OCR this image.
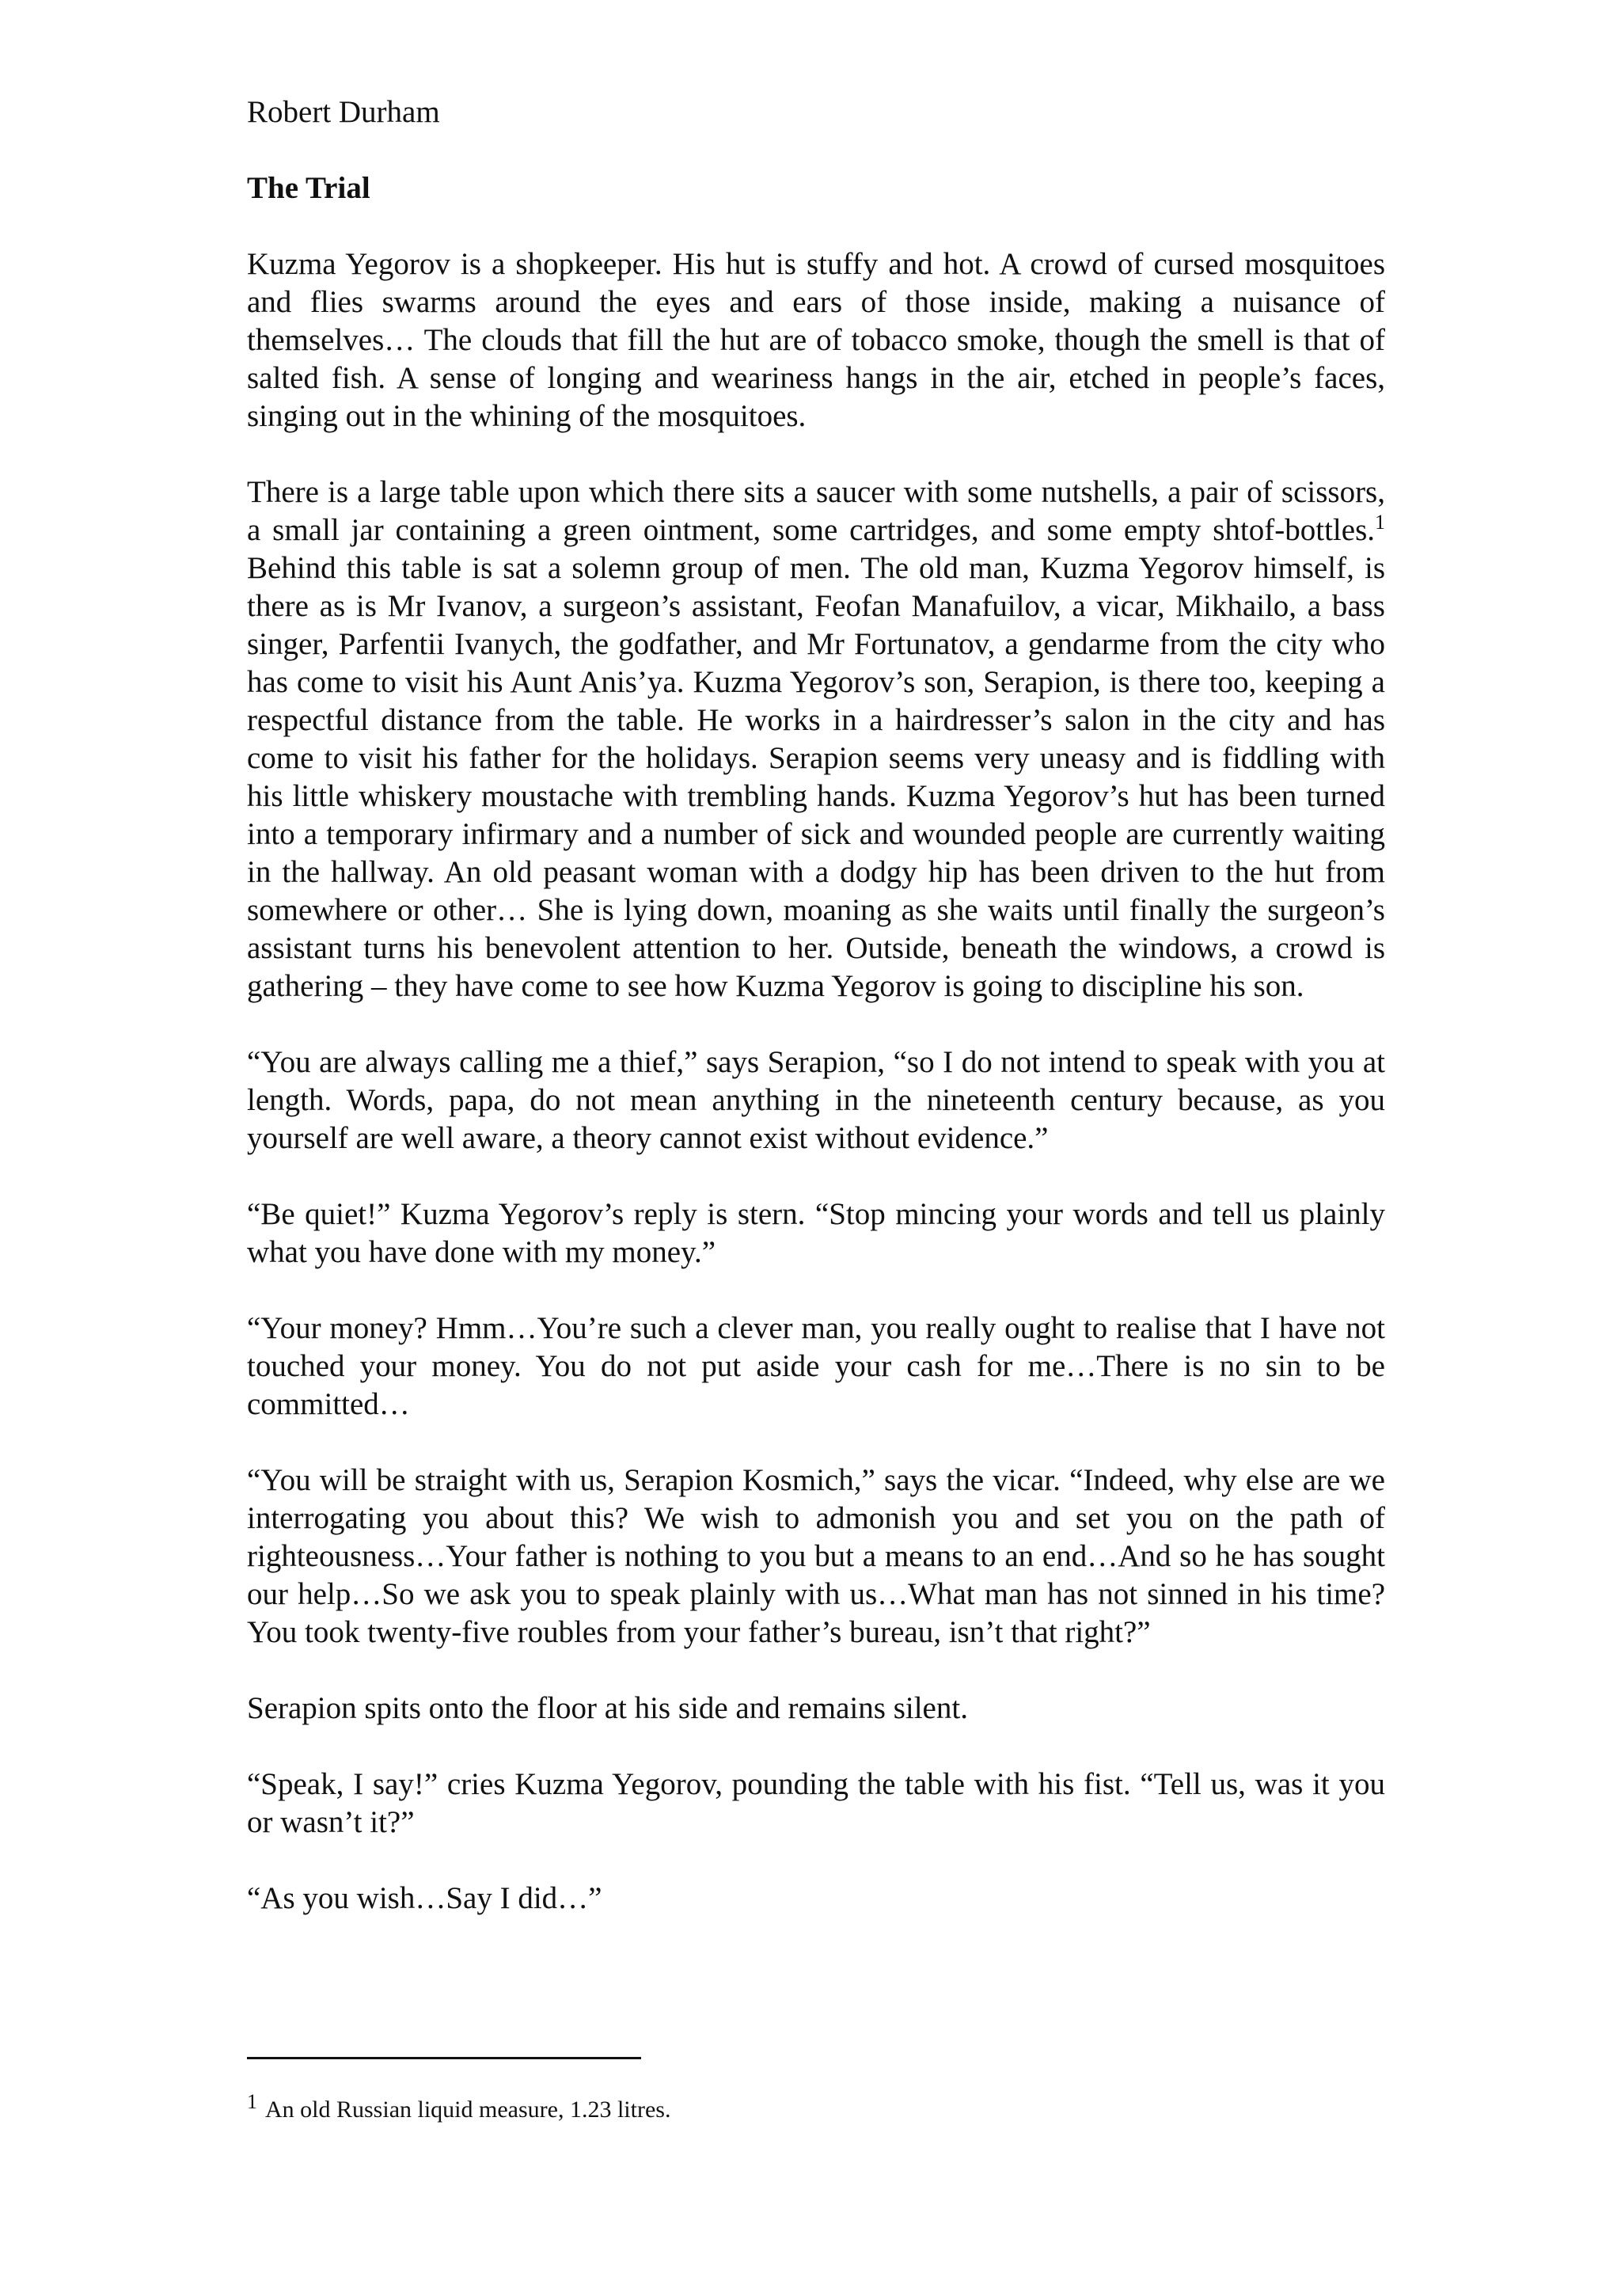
Robert Durham
The Trial

Kuzma Yegorov is a shopkeeper. His hut is stuffy and hot. A crowd of cursed mosquitoes and flies swarms around the eyes and ears of those inside, making a nuisance of themselves… The clouds that fill the hut are of tobacco smoke, though the smell is that of salted fish. A sense of longing and weariness hangs in the air, etched in people’s faces, singing out in the whining of the mosquitoes.

There is a large table upon which there sits a saucer with some nutshells, a pair of scissors, a small jar containing a green ointment, some cartridges, and some empty shtof-bottles.$^1$ Behind this table is sat a solemn group of men. The old man, Kuzma Yegorov himself, is there as is Mr Ivanov, a surgeon’s assistant, Feofan Manafuilov, a vicar, Mikhailo, a bass singer, Parfentii Ivanych, the godfather, and Mr Fortunatov, a gendarme from the city who has come to visit his Aunt Anis’ya. Kuzma Yegorov’s son, Serapion, is there too, keeping a respectful distance from the table. He works in a hairdresser’s salon in the city and has come to visit his father for the holidays. Serapion seems very uneasy and is fiddling with his little whiskery moustache with trembling hands. Kuzma Yegorov’s hut has been turned into a temporary infirmary and a number of sick and wounded people are currently waiting in the hallway. An old peasant woman with a dodgy hip has been driven to the hut from somewhere or other… She is lying down, moaning as she waits until finally the surgeon’s assistant turns his benevolent attention to her. Outside, beneath the windows, a crowd is gathering – they have come to see how Kuzma Yegorov is going to discipline his son.

“You are always calling me a thief,” says Serapion, “so I do not intend to speak with you at length. Words, papa, do not mean anything in the nineteenth century because, as you yourself are well aware, a theory cannot exist without evidence.”

“Be quiet!” Kuzma Yegorov’s reply is stern. “Stop mincing your words and tell us plainly what you have done with my money.”

“Your money? Hmm…You’re such a clever man, you really ought to realise that I have not touched your money. You do not put aside your cash for me…There is no sin to be committed…

“You will be straight with us, Serapion Kosmich,” says the vicar. “Indeed, why else are we interrogating you about this? We wish to admonish you and set you on the path of righteousness…Your father is nothing to you but a means to an end…And so he has sought our help…So we ask you to speak plainly with us…What man has not sinned in his time? You took twenty-five roubles from your father’s bureau, isn’t that right?”

Serapion spits onto the floor at his side and remains silent.

“Speak, I say!” cries Kuzma Yegorov, pounding the table with his fist. “Tell us, was it you or wasn’t it?”

“As you wish…Say I did…”

1 An old Russian liquid measure, 1.23 litres.
